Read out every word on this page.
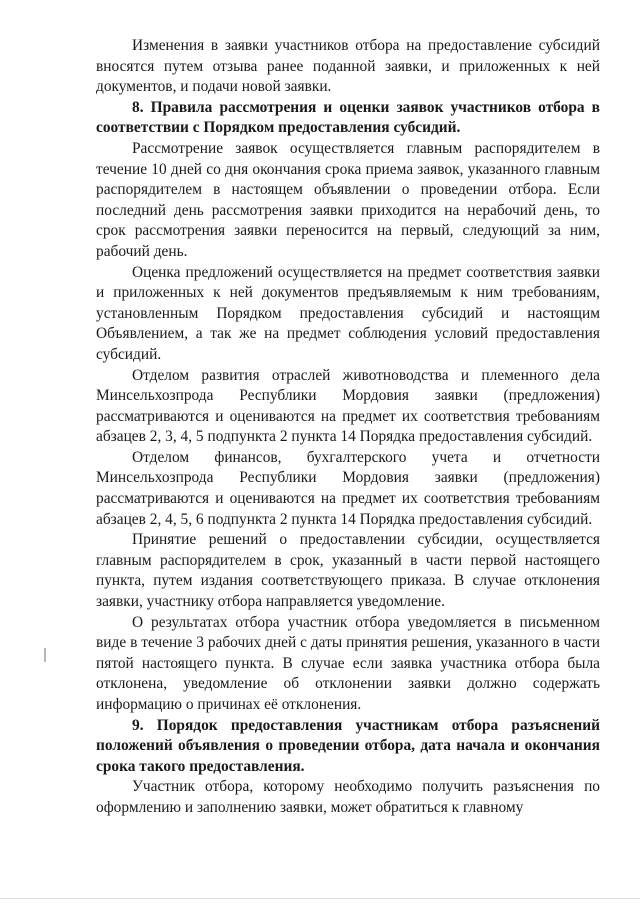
Изменения в заявки участников отбора на предоставление субсидий вносятся путем отзыва ранее поданной заявки, и приложенных к ней документов, и подачи новой заявки.

8. Правила рассмотрения и оценки заявок участников отбора в соответствии с Порядком предоставления субсидий.

Рассмотрение заявок осуществляется главным распорядителем в течение 10 дней со дня окончания срока приема заявок, указанного главным распорядителем в настоящем объявлении о проведении отбора. Если последний день рассмотрения заявки приходится на нерабочий день, то срок рассмотрения заявки переносится на первый, следующий за ним, рабочий день.

Оценка предложений осуществляется на предмет соответствия заявки и приложенных к ней документов предъявляемым к ним требованиям, установленным Порядком предоставления субсидий и настоящим Объявлением, а так же на предмет соблюдения условий предоставления субсидий.

Отделом развития отраслей животноводства и племенного дела Минсельхозпрода Республики Мордовия заявки (предложения) рассматриваются и оцениваются на предмет их соответствия требованиям абзацев 2, 3, 4, 5 подпункта 2 пункта 14 Порядка предоставления субсидий.

Отделом финансов, бухгалтерского учета и отчетности Минсельхозпрода Республики Мордовия заявки (предложения) рассматриваются и оцениваются на предмет их соответствия требованиям абзацев 2, 4, 5, 6 подпункта 2 пункта 14 Порядка предоставления субсидий.

Принятие решений о предоставлении субсидии, осуществляется главным распорядителем в срок, указанный в части первой настоящего пункта, путем издания соответствующего приказа. В случае отклонения заявки, участнику отбора направляется уведомление.

О результатах отбора участник отбора уведомляется в письменном виде в течение 3 рабочих дней с даты принятия решения, указанного в части пятой настоящего пункта. В случае если заявка участника отбора была отклонена, уведомление об отклонении заявки должно содержать информацию о причинах её отклонения.

9. Порядок предоставления участникам отбора разъяснений положений объявления о проведении отбора, дата начала и окончания срока такого предоставления.

Участник отбора, которому необходимо получить разъяснения по оформлению и заполнению заявки, может обратиться к главному
